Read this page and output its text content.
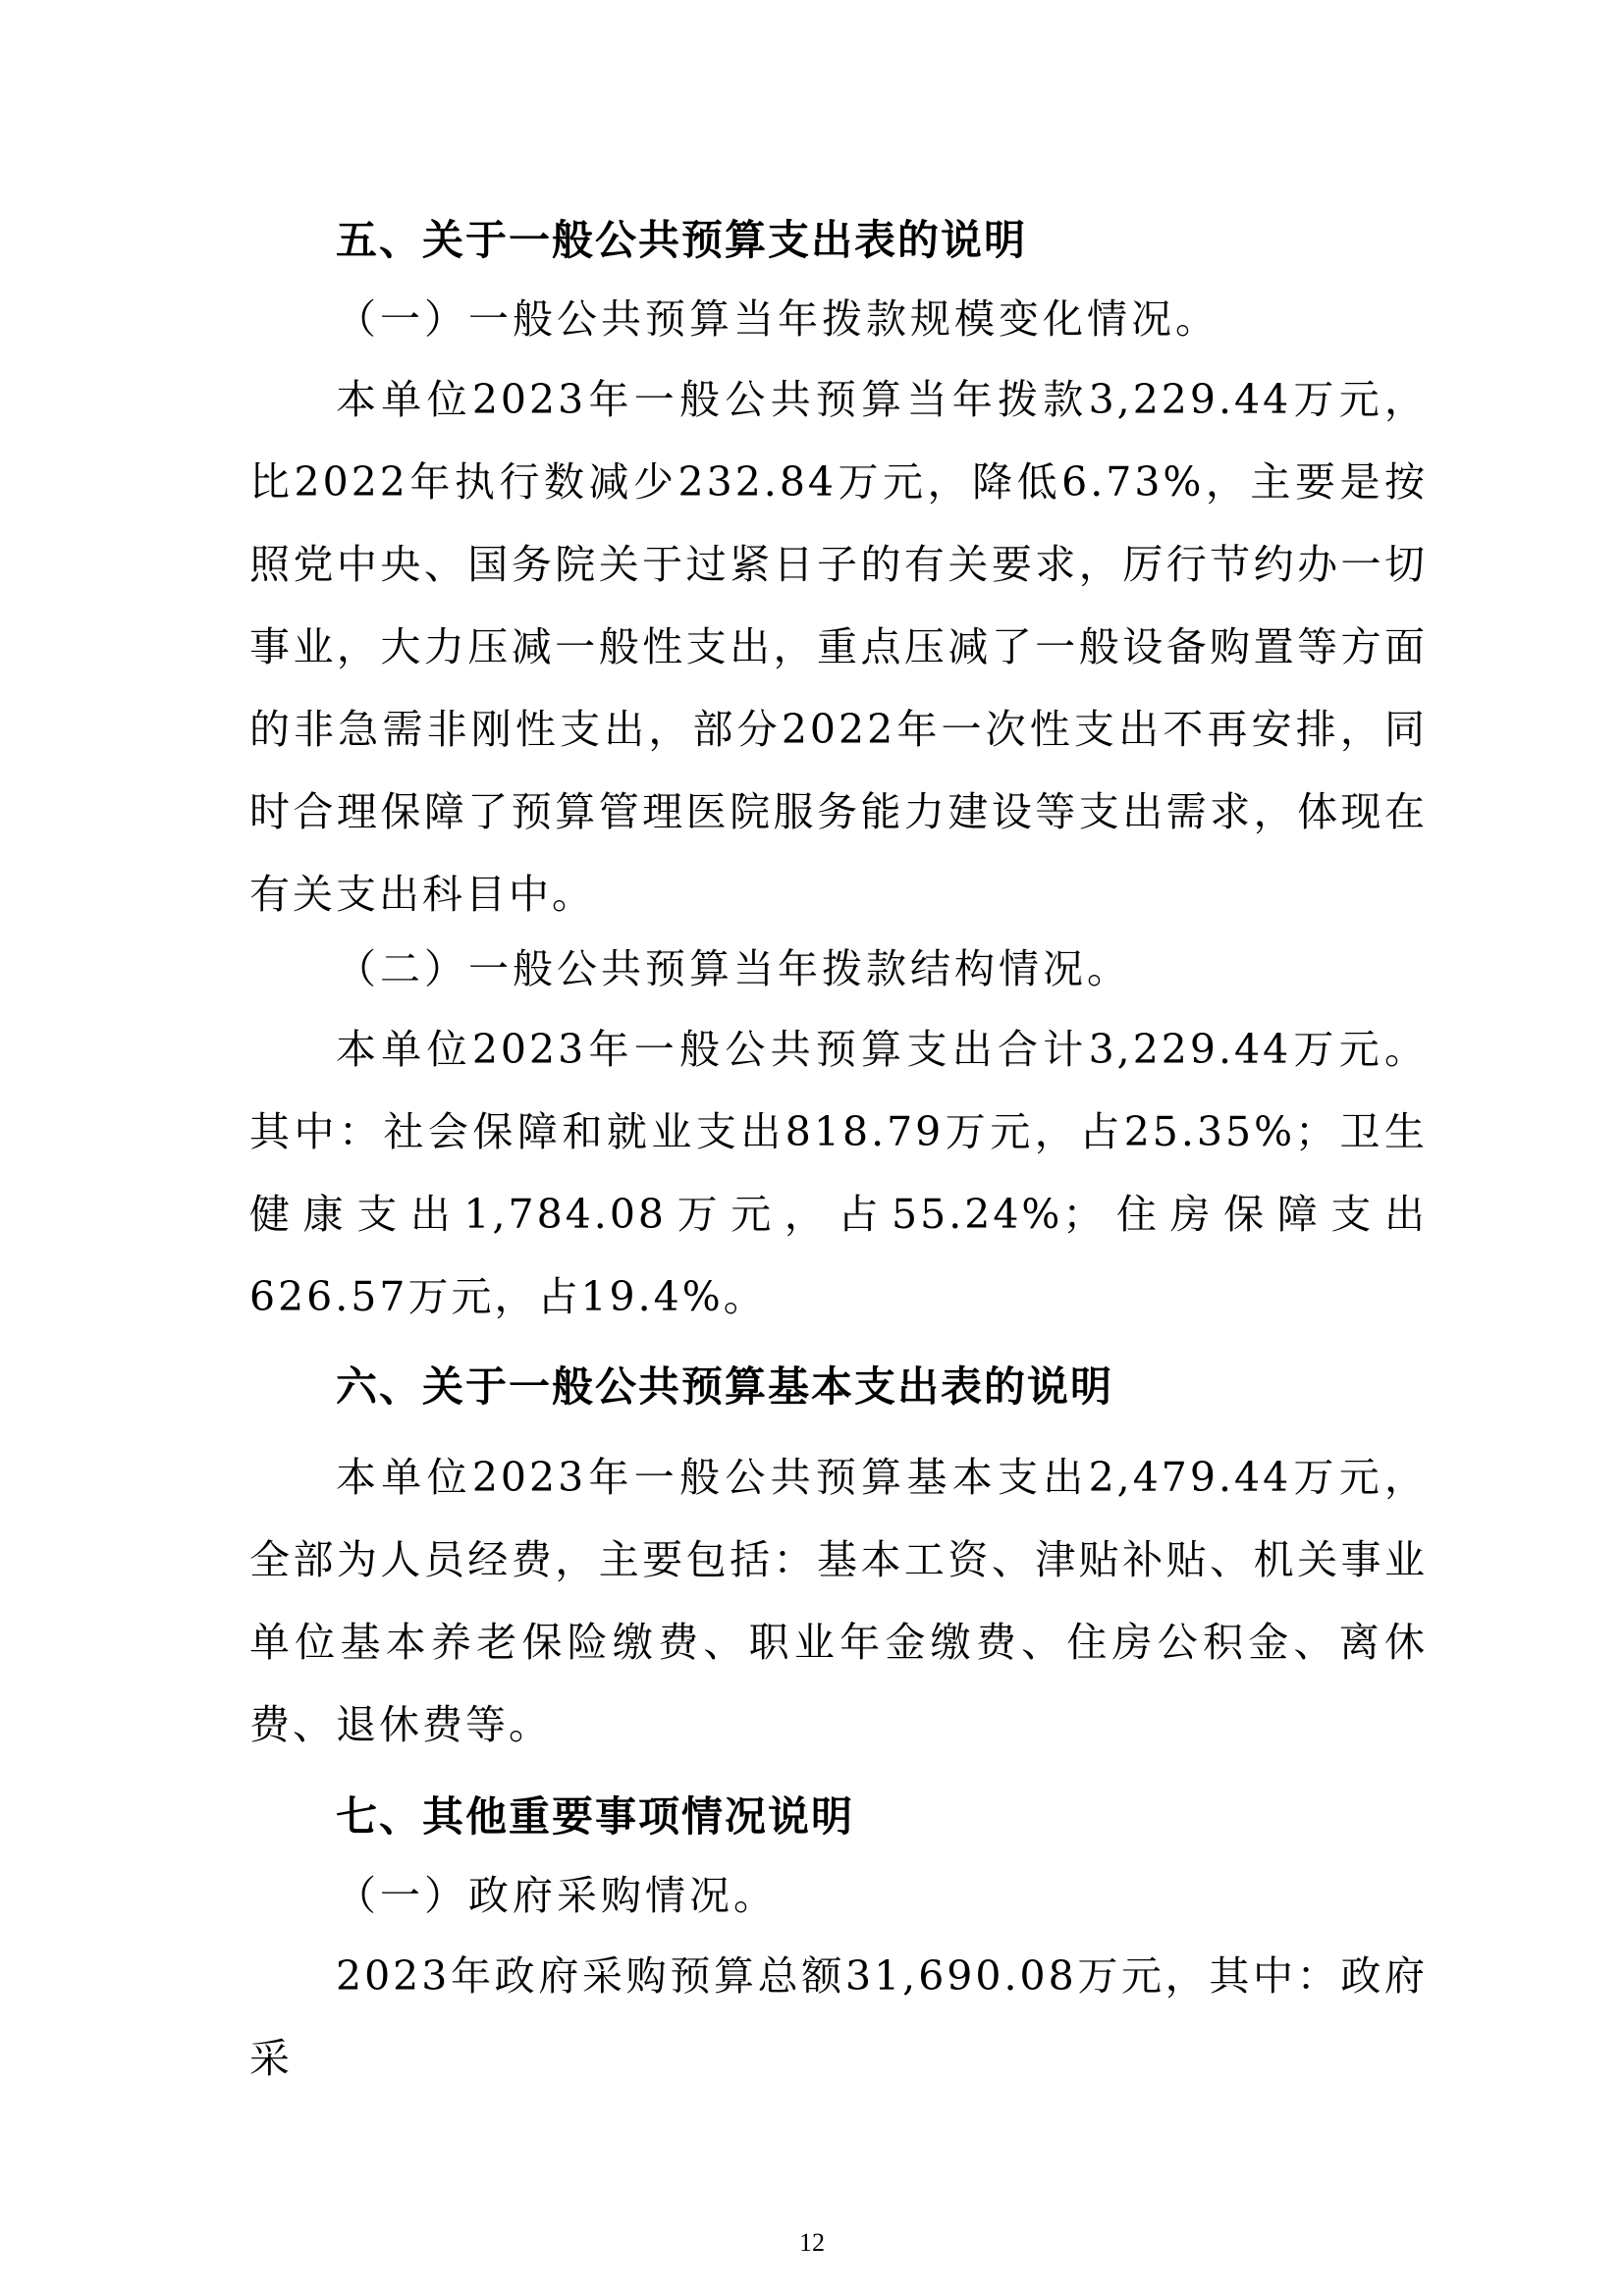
五、关于一般公共预算支出表的说明
（一）一般公共预算当年拨款规模变化情况。

本单位2023年一般公共预算当年拨款3,229.44万元，比2022年执行数减少232.84万元，降低6.73%，主要是按照党中央、国务院关于过紧日子的有关要求，厉行节约办一切事业，大力压减一般性支出，重点压减了一般设备购置等方面的非急需非刚性支出，部分2022年一次性支出不再安排，同时合理保障了预算管理医院服务能力建设等支出需求，体现在有关支出科目中。

（二）一般公共预算当年拨款结构情况。

本单位2023年一般公共预算支出合计3,229.44万元。其中：社会保障和就业支出818.79万元，占25.35%；卫生健康支出1,784.08万元，占55.24%；住房保障支出626.57万元，占19.4%。

六、关于一般公共预算基本支出表的说明

本单位2023年一般公共预算基本支出2,479.44万元，全部为人员经费，主要包括：基本工资、津贴补贴、机关事业单位基本养老保险缴费、职业年金缴费、住房公积金、离休费、退休费等。

七、其他重要事项情况说明
（一）政府采购情况。

2023年政府采购预算总额31,690.08万元，其中：政府采

12
